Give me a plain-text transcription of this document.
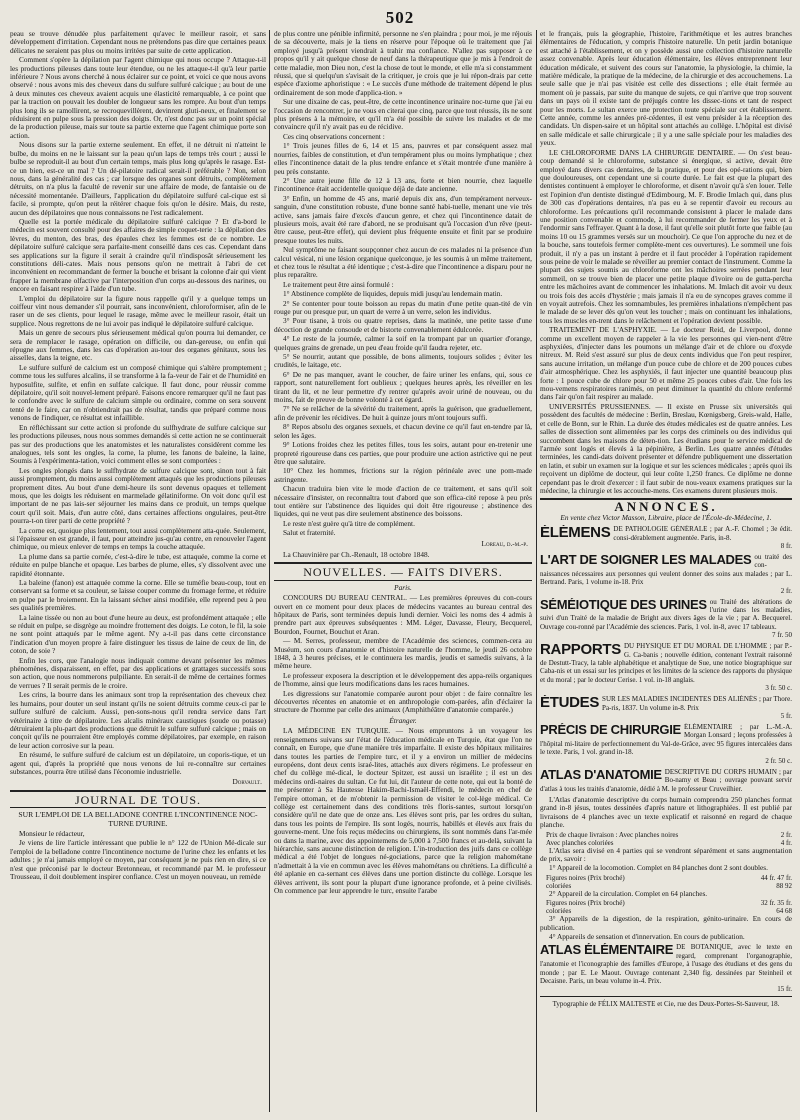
502

peau se trouve dénudée plus parfaitement qu'avec le meilleur rasoir, et sans développement d'irritation. Cependant nous ne prétendons pas dire que certaines peaux délicates ne seraient pas plus ou moins irritées par suite de cette application.

Comment s'opère la dépilation par l'agent chimique qui nous occupe ? Attaque-t-il les productions pileuses dans toute leur étendue, ou ne les attaque-t-il qu'à leur partie inférieure ? Nous avons cherché à nous éclairer sur ce point, et voici ce que nous avons observé : nous avons mis des cheveux dans du sulfure sulfuré calcique ; au bout de une à deux minutes ces cheveux avaient acquis une élasticité remarquable, à ce point que par la traction on pouvait les doubler de longueur sans les rompre. Au bout d'un temps plus long ils se ramollirent, se recroquevillèrent, devinrent gluti-neux, et finalement se réduisirent en pulpe sous la pression des doigts. Or, n'est donc pas sur un point spécial de la production pileuse, mais sur toute sa partie externe que l'agent chimique porte son action.

Nous disons sur la partie externe seulement. En effet, il ne détruit ni n'atteint le bulbe, du moins en ne le laissant sur la peau qu'un laps de temps très court ; aussi le bulbe se reproduit-il au bout d'un certain temps, mais plus long qu'après le rasage. Est-ce un bien, est-ce un mal ? Un dé-pilatoire radical serait-il préférable ? Non, selon nous, dans la généralité des cas ; car lorsque des organes sont détruits, complètement détruits, on n'a plus la faculté de revenir sur une affaire de mode, de fantaisie ou de nécessité momentanée. D'ailleurs, l'application du dépilatoire sulfuré cal-cique est si facile, si prompte, qu'on peut la réitérer chaque fois qu'on le désire. Mais, du reste, aucun des dépilatoires que nous connaissons ne l'est radicalement.

Quelle est la portée médicale du dépilatoire sulfuré calcique ? Et d'a-bord le médecin est souvent consulté pour des affaires de simple coquet-terie : la dépilation des lèvres, du menton, des bras, des épaules chez les femmes est de ce nombre. Le dépilatoire sulfuré calcique sera parfaite-ment conseillé dans ces cas. Cependant dans ses applications sur la figure il serait à craindre qu'il n'indisposât sérieusement les constitutions déli-cates. Mais nous pensons qu'on ne mettrait à l'abri de cet inconvénient en recommandant de fermer la bouche et brisant la colonne d'air qui vient frapper la membrane olfactive par l'interposition d'un corps au-dessous des narines, ou encore en faisant respirer à l'aide d'un tube.

L'emploi du dépilatoire sur la figure nous rappelle qu'il y a quelque temps un coiffeur vint nous demander s'il pourrait, sans inconvénient, chloroformiser, afin de le raser un de ses clients, pour lequel le rasage, même avec le meilleur rasoir, était un supplice. Nous regrettons de ne lui avoir pas indiqué le dépilatoire sulfuré calcique.

Mais un genre de secours plus sérieusement médical qu'on pourra lui demander, ce sera de remplacer le rasage, opération on difficile, ou dan-gereuse, ou enfin qui répugne aux femmes, dans les cas d'opération au-tour des organes génitaux, sous les aisselles, dans la teigne, etc.

Le sulfure sulfuré de calcium est un composé chimique qui s'altère promptement ; comme tous les sulfures alcalins, il se transforme à la fa-veur de l'air et de l'humidité en hyposulfite, sulfite, et enfin en sulfate calcique. Il faut donc, pour réussir comme dépilatoire, qu'il soit nouvel-lement préparé. Faisons encore remarquer qu'il ne faut pas le confondre avec le sulfure de calcium simple ou ordinaire, comme on sera souvent tenté de le faire, car on n'obtiendrait pas de résultat, tandis que préparé comme nous venons de l'indiquer, ce résultat est infaillible.

En réfléchissant sur cette action si profonde du sulfhydrate de sulfure calcique sur les productions pileuses, nous nous sommes demandés si cette action ne se continuerait pas sur des productions que les anatomistes et les naturalistes considèrent comme les analogues, tels sont les ongles, la corne, la plume, les fanons de baleine, la laine, Soumis à l'expérimenta-tation, voici comment elles se sont comportées :

Les ongles plongés dans le sulfhydrate de sulfure calcique sont, sinon tout à fait aussi promptement, du moins aussi complètement attaqués que les productions pileuses proprement dites. Au bout d'une demi-heure ils sont devenus opaques et tellement mous, que les doigts les réduisent en marmelade gélatiniforme. On voit donc qu'il est important de ne pas lais-ser séjourner les mains dans ce produit, un temps quelque court qu'il soit. Mais, d'un autre côté, dans certaines affections ongulaires, peut-être pourra-t-on tirer parti de cette propriété ?

La corne est, quoique plus lentement, tout aussi complètement atta-quée. Seulement, si l'épaisseur en est grande, il faut, pour atteindre jus-qu'au centre, en renouveler l'agent chimique, ou mieux enlever de temps en temps la couche attaquée.

La plume dans sa partie cornée, c'est-à-dire le tube, est attaquée, comme la corne et réduite en pulpe blanche et opaque. Les barbes de plume, elles, s'y dissolvent avec une rapidité étonnante.

La baleine (fanon) est attaquée comme la corne. Elle se tuméfie beau-coup, tout en conservant sa forme et sa couleur, se laisse couper comme du fromage ferme, et réduire en pulpe par le broiement. En la laissant sécher ainsi modifiée, elle reprend peu à peu ses qualités premières.

La laine tissée ou non au bout d'une heure au deux, est profondément attaquée ; elle se réduit en pulpe, se disgrège au moindre frottement des doigts. Le coton, le fil, la soie ne sont point attaqués par le même agent. N'y a-t-il pas dans cette circonstance l'indication d'un moyen propre à faire distinguer les tissus de laine de ceux de lin, de coton, de soie ?

Enfin les cors, que l'analogie nous indiquait comme devant présenter les mêmes phénomènes, disparaissent, en effet, par des applications et grattages successifs sous son action, que nous nommerons pulpiliante. En serait-il de même de certaines formes de verrues ? Il serait permis de le croire.

Les crins, la bourre dans les animaux sont trop la représentation des cheveux chez les humains, pour douter un seul instant qu'ils ne soient détruits comme ceux-ci par le sulfure sulfuré de calcium. Aussi, pen-sons-nous qu'il rendra service dans l'art vétérinaire à titre de dépilatoire. Les alcalis minéraux caustiques (soude ou potasse) détruiraient la plu-part des productions que détruit le sulfure sulfuré calcique ; mais on conçoit qu'ils ne pourraient être employés comme dépilatoires, par exemple, en raison de leur action corrosive sur la peau.

En résumé, le sulfure sulfuré de calcium est un dépilatoire, un coporis-tique, et un agent qui, d'après la propriété que nous venons de lui re-connaître sur certaines substances, pourra être utilisé dans l'économie industrielle.

Dorvault.
JOURNAL DE TOUS.
SUR L'EMPLOI DE LA BELLADONE CONTRE L'INCONTINENCE NOC-TURNE D'URINE.

Monsieur le rédacteur,

Je viens de lire l'article intéressant que publie le n° 122 de l'Union Mé-dicale sur l'emploi de la belladone contre l'incontinence nocturne de l'urine chez les enfants et les adultes ; je n'ai jamais employé ce moyen, par conséquent je ne puis rien en dire, si ce n'est que préconisé par le docteur Bretonneau, et recommandé par M. le professeur Trousseau, il doit doublement inspirer confiance. C'est un moyen nouveau, un remède

de plus contre une pénible infirmité, personne ne s'en plaindra ; pour moi, je me réjouis de sa découverte, mais je la tiens en réserve pour l'époque où le traitement que j'ai employé jusqu'à présent viendrait à trahir ma confiance. N'allez pas supposer à ce propos qu'il y ait quelque chose de neuf dans la thérapeutique que je mis à l'endroit de cette maladie, mon Dieu non, c'est la chose de tout le monde, et elle m'a si constamment réussi, que si quelqu'un s'avisait de la critiquer, je crois que je lui répon-drais par cette espèce d'axiome aphoristique : « Le succès d'une méthode de traitement dépend le plus ordinairement de son mode d'applica-tion. »

Sur une dixaine de cas, peut-être, de cette incontinence urinaire noc-turne que j'ai eu l'occasion de rencontrer, je ne vous en citerai que cinq, parce que tout réussis, ils ne sont plus présens à la mémoire, et qu'il m'a été possible de suivre les malades et de me convaincre qu'il n'y avait pas eu de récidive.

Ces cinq observations concernent :

1° Trois jeunes filles de 6, 14 et 15 ans, pauvres et par conséquent assez mal nourries, faibles de constitution, et d'un tempérament plus ou moins lymphatique ; chez elles l'incontinence datait de la plus tendre enfance et s'était montrée d'une manière à peu près constante.

2° Une autre jeune fille de 12 à 13 ans, forte et bien nourrie, chez laquelle l'incontinence était accidentelle quoique déjà de date ancienne.

3° Enfin, un homme de 45 ans, marié depuis dix ans, d'un tempérament nerveux-sanguin, d'une constitution robuste, d'une bonne santé habi-tuelle, menant une vie très active, sans jamais faire d'excès d'aucun genre, et chez qui l'incontinence datait de plusieurs mois, avait été rare d'abord, ne se produisant qu'à l'occasion d'un rêve (peut-être cause, peut-être effet), qui devient plus fréquente ensuite et finit par se produire presque toutes les nuits.

Nul symptôme ne faisant soupçonner chez aucun de ces malades ni la présence d'un calcul vésical, ni une lésion organique quelconque, je les soumis à un même traitement, et chez tous le résultat a été identique ; c'est-à-dire que l'incontinence a disparu pour ne plus reparaître.

Le traitement peut être ainsi formulé :

1° Abstinence complète de liquides, depuis midi jusqu'au lendemain matin.

2° Se contenter pour toute boisson au repas du matin d'une petite quan-tité de vin rouge pur ou presque pur, un quart de verre à un verre, selon les individus.

3° Pour tisane, à trois ou quatre reprises, dans la matinée, une petite tasse d'une décoction de grande consoude et de bistorte convenablement édulcorée.

4° Le reste de la journée, calmer la soif en la trompant par un quartier d'orange, quelques grains de grenade, un peu d'eau froide qu'il faudra rejeter, etc.

5° Se nourrir, autant que possible, de bons aliments, toujours solides ; éviter les crudités, le laitage, etc.

6° De ne pas manquer, avant le coucher, de faire uriner les enfans, qui, sous ce rapport, sont naturellement fort oublieux ; quelques heures après, les réveiller en les tirant du lit, et ne leur permettre d'y rentrer qu'après avoir uriné de nouveau, ou du moins, fait de preuve de bonne volonté à cet égard.

7° Ne se relâcher de la sévérité du traitement, après la guérison, que graduellement, afin de prévenir les récidives. De huit à quinze jours m'ont toujours suffi.

8° Repos absolu des organes sexuels, et chacun devine ce qu'il faut en-tendre par là, selon les âges.

9° Lotions froides chez les petites filles, tous les soirs, autant pour en-tretenir une propreté rigoureuse dans ces parties, que pour produire une action astrictive qui ne peut être que salutaire.

10° Chez les hommes, frictions sur la région périnéale avec une pom-made astringente.

Chacun traduira bien vite le mode d'action de ce traitement, et sans qu'il soit nécessaire d'insister, on reconnaîtra tout d'abord que son effica-cité repose à peu près tout entière sur l'abstinence des liquides qui doit être rigoureuse ; abstinence des liquides, qui ne veut pas dire seulement abstinence des boissons.

Le reste n'est guère qu'à titre de complément.

Salut et fraternité.

Loreau, d.-m.-p.

La Chauvinière par Ch.-Renault, 18 octobre 1848.

NOUVELLES. — FAITS DIVERS.
Paris.

CONCOURS DU BUREAU CENTRAL. — Les premières épreuves du con-cours ouvert en ce moment pour deux places de médecins vacantes au bureau central des hôpitaux de Paris, sont terminées depuis lundi dernier. Voici les noms des 4 admis à prendre part aux épreuves subséquentes : MM. Léger, Davasse, Fleury, Becquerel, Bourdon, Fournet, Bouchut et Aran.

— M. Serres, professeur, membre de l'Académie des sciences, commen-cera au Muséum, son cours d'anatomie et d'histoire naturelle de l'homme, le jeudi 26 octobre 1848, à 3 heures précises, et le continuera les mardis, jeudis et samedis suivans, à la même heure.

Le professeur exposera la description et le développement des appa-reils organiques de l'homme, ainsi que leurs modifications dans les races humaines.

Les digressions sur l'anatomie comparée auront pour objet : de faire connaître les découvertes récentes en anatomie et en anthropologie com-parées, afin d'éclairer la structure de l'homme par celle des animaux (Amphithéâtre d'anatomie comparée.)

Étranger.

LA MÉDECINE EN TURQUIE. — Nous empruntons à un voyageur les renseignemens suivans sur l'état de l'éducation médicale en Turquie, état que l'on ne connaît, en Europe, que d'une manière très imparfaite. Il existe des hôpitaux militaires dans toutes les parties de l'empire turc, et il y a environ un millier de médecins européens, dont deux cents israé-lites, attachés aux divers régimens. Le professeur en chef du collège mé-dical, le docteur Spitzer, est aussi un israélite ; il est un des médecins ordi-naires du sultan. Ce fut lui, dit l'auteur de cette note, qui eut la bonté de me présenter à Sa Hautesse Hakim-Bachi-Ismaël-Effendi, le médecin en chef de l'empire ottoman, et de m'obtenir la permission de visiter le col-lège médical. Ce collège est certainement dans des conditions très floris-santes, surtout lorsqu'on considère qu'il ne date que de onze ans. Les élèves sont pris, par les ordres du sultan, dans tous les points de l'empire. Ils sont logés, nourris, habillés et élevés aux frais du gouverne-ment. Une fois reçus médecins ou chirurgiens, ils sont nommés dans l'ar-mée ou dans la marine, avec des appointemens de 5,000 à 7,500 francs et au-delà, suivant la hiérarchie, sans aucune distinction de religion. L'in-troduction des juifs dans ce collège médical a été l'objet de longues né-gociations, parce que la religion mahométane n'admettait à la vie en commun avec les élèves mahométans ou chrétiens. La difficulté a été aplanie en ca-sernant ces élèves dans une portion distincte du collège. Lorsque les élèves arrivent, ils sont pour la plupart d'une ignorance profonde, et à peine civilisés. On commence par leur apprendre le turc, ensuite l'arabe

et le français, puis la géographie, l'histoire, l'arithmétique et les autres branches élémentaires de l'éducation, y compris l'histoire naturelle. Un petit jardin botanique est attaché à l'établissement, et on y possède aussi une collection d'histoire naturelle assez convenable. Après leur éducation élémentaire, les élèves entreprennent leur éducation médicale, et suivent des cours sur l'anatomie, la physiologie, la chimie, la matière médicale, la pratique de la médecine, de la chirurgie et des accouchemens. La seule salle que je n'ai pas visitée est celle des dissections ; elle était fermée au moment où je passais, par suite du manque de sujets, ce qui n'arrive que trop souvent dans un pays où il existe tant de préjugés contre les dissec-tions et tant de respect pour les morts. Le sultan exerce une protection toute spéciale sur cet établissement. Cette année, comme les années pré-cédentes, il est venu présider à la réception des candidats. Un dispen-saire et un hôpital sont attachés au collège. L'hôpital est divisé en salle médicale et salle chirurgicale ; il y a une salle spéciale pour les maladies des yeux.

LE CHLOROFORME DANS LA CHIRURGIE DENTAIRE. — On s'est beau-coup demandé si le chloroforme, substance si énergique, si active, devait être employé dans divers cas dentaires, de la pratique, et pour des opé-rations qui, bien que douloureuses, ont cependant une si courte durée. Le fait est que la plupart des dentistes continuent à employer le chloroforme, et disent n'avoir qu'à s'en louer. Telle est l'opinion d'un dentiste distingué d'Edimbourg, M. F. Brodie Imlach qui, dans plus de 300 cas d'opérations dentaires, n'a pas eu à se repentir d'avoir eu recours au chloroforme. Les précautions qu'il recommande consistent à placer le malade dans une position convenable et commode, à lui recommander de fermer les yeux et à l'endormir sans l'effrayer. Quant à la dose, il faut qu'elle soit plutôt forte que faible (au moins 10 ou 15 grammes versés sur un mouchoir). Ce que l'on approche du nez et de la bouche, sans toutefois fermer complète-ment ces ouvertures). Le sommeil une fois produit, il n'y a pas un instant à perdre et il faut procéder à l'opération rapidement sous peine de voir le malade se réveiller au premier contact de l'instrument. Comme la plupart des sujets soumis au chloroforme ont les mâchoires serrées pendant leur sommeil, on se trouve bien de placer une petite plaque d'ivoire ou de gutta-percha entre les mâchoires avant de commencer les inhalations. M. Imlach dit avoir vu deux ou trois fois des accès d'hystérie ; mais jamais il n'a eu de syncopes graves comme il en voyait autrefois. Chez les somnambules, les premières inhalations n'empêchent pas le malade de se lever dès qu'on veut les toucher ; mais on continuant les inhalations, tous les muscles en-trent dans le relâchement et l'opération devient possible.

TRAITEMENT DE L'ASPHYXIE. — Le docteur Reid, de Liverpool, donne comme un excellent moyen de rappeler à la vie les personnes qui vien-nent d'être asphyxiées, d'injecter dans les poumons un mélange d'air et de chlore ou d'oxyde nitreux. M. Reid s'est assuré sur plus de deux cents individus que l'on peut respirer, sans aucune irritation, un mélange d'un pouce cube de chlore et de 200 pouces cubes d'air atmosphérique. Chez les asphyxiés, il faut injecter une quantité beaucoup plus forte : 1 pouce cube de chlore pour 50 et même 25 pouces cubes d'air. Une fois les mou-vemens respiratoires ranimés, on peut diminuer la quantité du chlore renfermé dans l'air qu'on fait respirer au malade.

UNIVERSITÉS PRUSSIENNES. — Il existe en Prusse six universités qui possèdent des facultés de médecine : Berlin, Breslau, Kœnigsberg, Greis-wald, Halle, et celle de Bonn, sur le Rhin. La durée des études médicales est de quatre années. Les salles de dissection sont alimentées par les corps des criminels ou des individus qui succombent dans les maisons de déten-tion. Les étudians pour le service médical de l'armée sont logés et élevés à la pépinière, à Berlin. Les quatre années d'études terminées, les candi-dats doivent présenter et défendre publiquement une dissertation en latin, et subir un examen sur la logique et sur les sciences médicales ; après quoi ils reçoivent un diplôme de docteur, qui leur coûte 1,250 francs. Ce diplôme ne donne cependant pas le droit d'exercer : il faut subir de nou-veaux examens pratiques sur la médecine, la chirurgie et les accouche-mens. Ces examens durent plusieurs mois.

ANNONCES.
En vente chez Victor Masson, Libraire, place de l'École-de-Médecine, 1.
ÉLÉMENS DE PATHOLOGIE GÉNÉRALE ; par A.-F. Chomel ; 3e édit. consi-dérablement augmentée. Paris, in-8.
8 fr.
L'ART DE SOIGNER LES MALADES ou traité des con-naissances nécessaires aux personnes qui veulent donner des soins aux malades ; par L. Bertrand. Paris, 1 volume in-18. Prix
2 fr.
SÉMÉIOTIQUE DES URINES ou Traité des altérations de l'urine dans les maladies, suivi d'un Traité de la maladie de Bright aux divers âges de la vie ; par A. Becquerel. Ouvrage cou-ronné par l'Académie des sciences. Paris, 1 vol. in-8, avec 17 tableaux.
7 fr. 50
RAPPORTS DU PHYSIQUE ET DU MORAL DE L'HOMME ; par P.-G. Ca-banis ; nouvelle édition, contenant l'extrait raisonné de Destutt-Tracy, la table alphabétique et analytique de Sue, une notice biographique sur Caba-nis et un essai sur les principes et les limites de la science des rapports du physique et du moral ; par le docteur Cerise. 1 vol. in-18 anglais.
3 fr. 50 c.
ÉTUDES SUR LES MALADIES INCIDENTES DES ALIÉNÉS ; par Thore. Pa-ris, 1837. Un volume in-8. Prix
5 fr.
PRÉCIS DE CHIRURGIE ÉLÉMENTAIRE ; par L.-M.-A. Morgan Lonsard ; leçons professées à l'hôpital mi-litaire de perfectionnement du Val-de-Grâce, avec 95 figures intercalées dans le texte. Paris, 1 vol. grand in-18.
2 fr. 50 c.
ATLAS D'ANATOMIE DESCRIPTIVE DU CORPS HUMAIN ; par Bo-namy et Beau ; ouvrage pouvant servir d'atlas à tous les traités d'anatomie, dédié à M. le professeur Cruveilhier.

L'Atlas d'anatomie descriptive du corps humain comprendra 250 planches format grand in-8 jésus, toutes dessinées d'après nature et lithographiées. Il est publié par livraisons de 4 planches avec un texte explicatif et raisonné en regard de chaque planche.

Prix de chaque livraison : Avec planches noires	2 fr.
Avec planches coloriées	4 fr.

L'Atlas sera divisé en 4 parties qui se vendront séparément et sans augmentation de prix, savoir :

1° Appareil de la locomotion. Complet en 84 planches dont 2 sont doubles.

Figures noires (Prix broché)	44 fr. 47 fr.
coloriées	88 92

2° Appareil de la circulation. Complet en 64 planches.

Figures noires (Prix broché)	32 fr. 35 fr.
coloriées	64 68

3° Appareils de la digestion, de la respiration, génito-urinaire. En cours de publication.

4° Appareils de sensation et d'innervation. En cours de publication.

ATLAS ÉLÉMENTAIRE DE BOTANIQUE, avec le texte en regard, comprenant l'organographie, l'anatomie et l'iconographie des familles d'Europe, à l'usage des étudians et des gens du monde ; par E. Le Maout. Ouvrage contenant 2,340 fig. dessinées par Steinheil et Decaisne. Paris, un beau volume in-4. Prix.
15 fr.
Typographie de FÉLIX MALTESTE et Cie, rue des Deux-Portes-St-Sauveur, 18.
